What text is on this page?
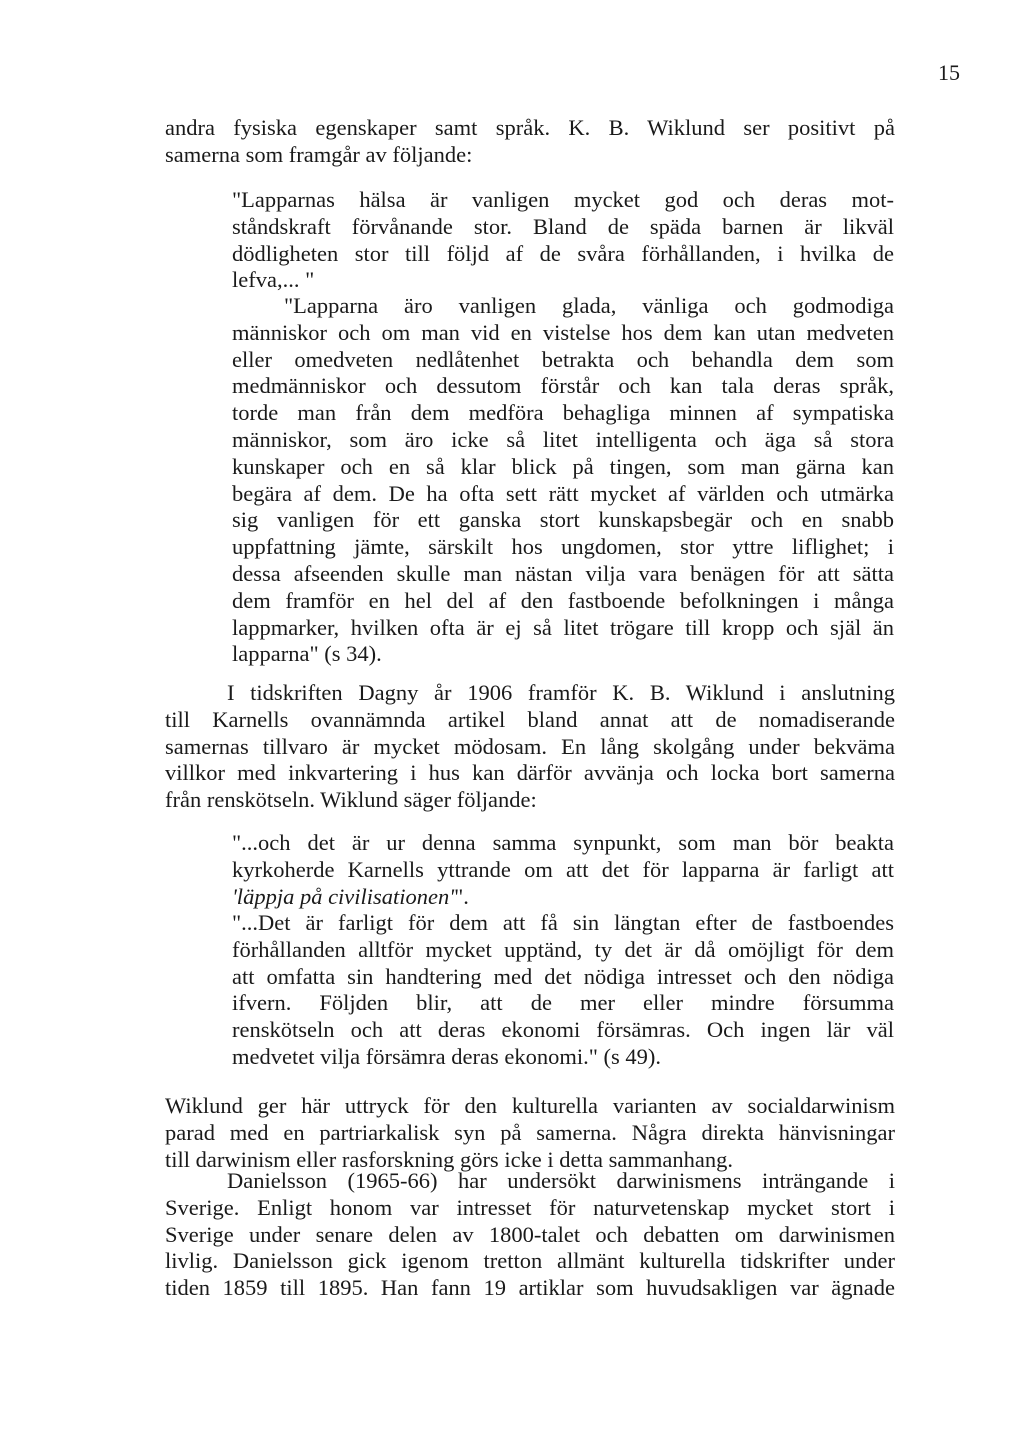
15
andra fysiska egenskaper samt språk. K. B. Wiklund ser positivt på
samerna som framgår av följande:
"Lapparnas hälsa är vanligen mycket god och deras mot-
ståndskraft förvånande stor. Bland de späda barnen är likväl
dödligheten stor till följd af de svåra förhållanden, i hvilka de
lefva,... "
"Lapparna äro vanligen glada, vänliga och godmodiga
människor och om man vid en vistelse hos dem kan utan medveten
eller omedveten nedlåtenhet betrakta och behandla dem som
medmänniskor och dessutom förstår och kan tala deras språk,
torde man från dem medföra behagliga minnen af sympatiska
människor, som äro icke så litet intelligenta och äga så stora
kunskaper och en så klar blick på tingen, som man gärna kan
begära af dem. De ha ofta sett rätt mycket af världen och utmärka
sig vanligen för ett ganska stort kunskapsbegär och en snabb
uppfattning jämte, särskilt hos ungdomen, stor yttre liflighet; i
dessa afseenden skulle man nästan vilja vara benägen för att sätta
dem framför en hel del af den fastboende befolkningen i många
lappmarker, hvilken ofta är ej så litet trögare till kropp och själ än
lapparna" (s 34).
I tidskriften Dagny år 1906 framför K. B. Wiklund i anslutning
till Karnells ovannämnda artikel bland annat att de nomadiserande
samernas tillvaro är mycket mödosam. En lång skolgång under bekväma
villkor med inkvartering i hus kan därför avvänja och locka bort samerna
från renskötseln. Wiklund säger följande:
"...och det är ur denna samma synpunkt, som man bör beakta
kyrkoherde Karnells yttrande om att det för lapparna är farligt att
'läppja på civilisationen'".
"...Det är farligt för dem att få sin längtan efter de fastboendes
förhållanden alltför mycket upptänd, ty det är då omöjligt för dem
att omfatta sin handtering med det nödiga intresset och den nödiga
ifvern. Följden blir, att de mer eller mindre försumma
renskötseln och att deras ekonomi försämras. Och ingen lär väl
medvetet vilja försämra deras ekonomi." (s 49).
Wiklund ger här uttryck för den kulturella varianten av socialdarwinism
parad med en partriarkalisk syn på samerna. Några direkta hänvisningar
till darwinism eller rasforskning görs icke i detta sammanhang.
Danielsson (1965-66) har undersökt darwinismens inträngande i
Sverige. Enligt honom var intresset för naturvetenskap mycket stort i
Sverige under senare delen av 1800-talet och debatten om darwinismen
livlig. Danielsson gick igenom tretton allmänt kulturella tidskrifter under
tiden 1859 till 1895. Han fann 19 artiklar som huvudsakligen var ägnade
